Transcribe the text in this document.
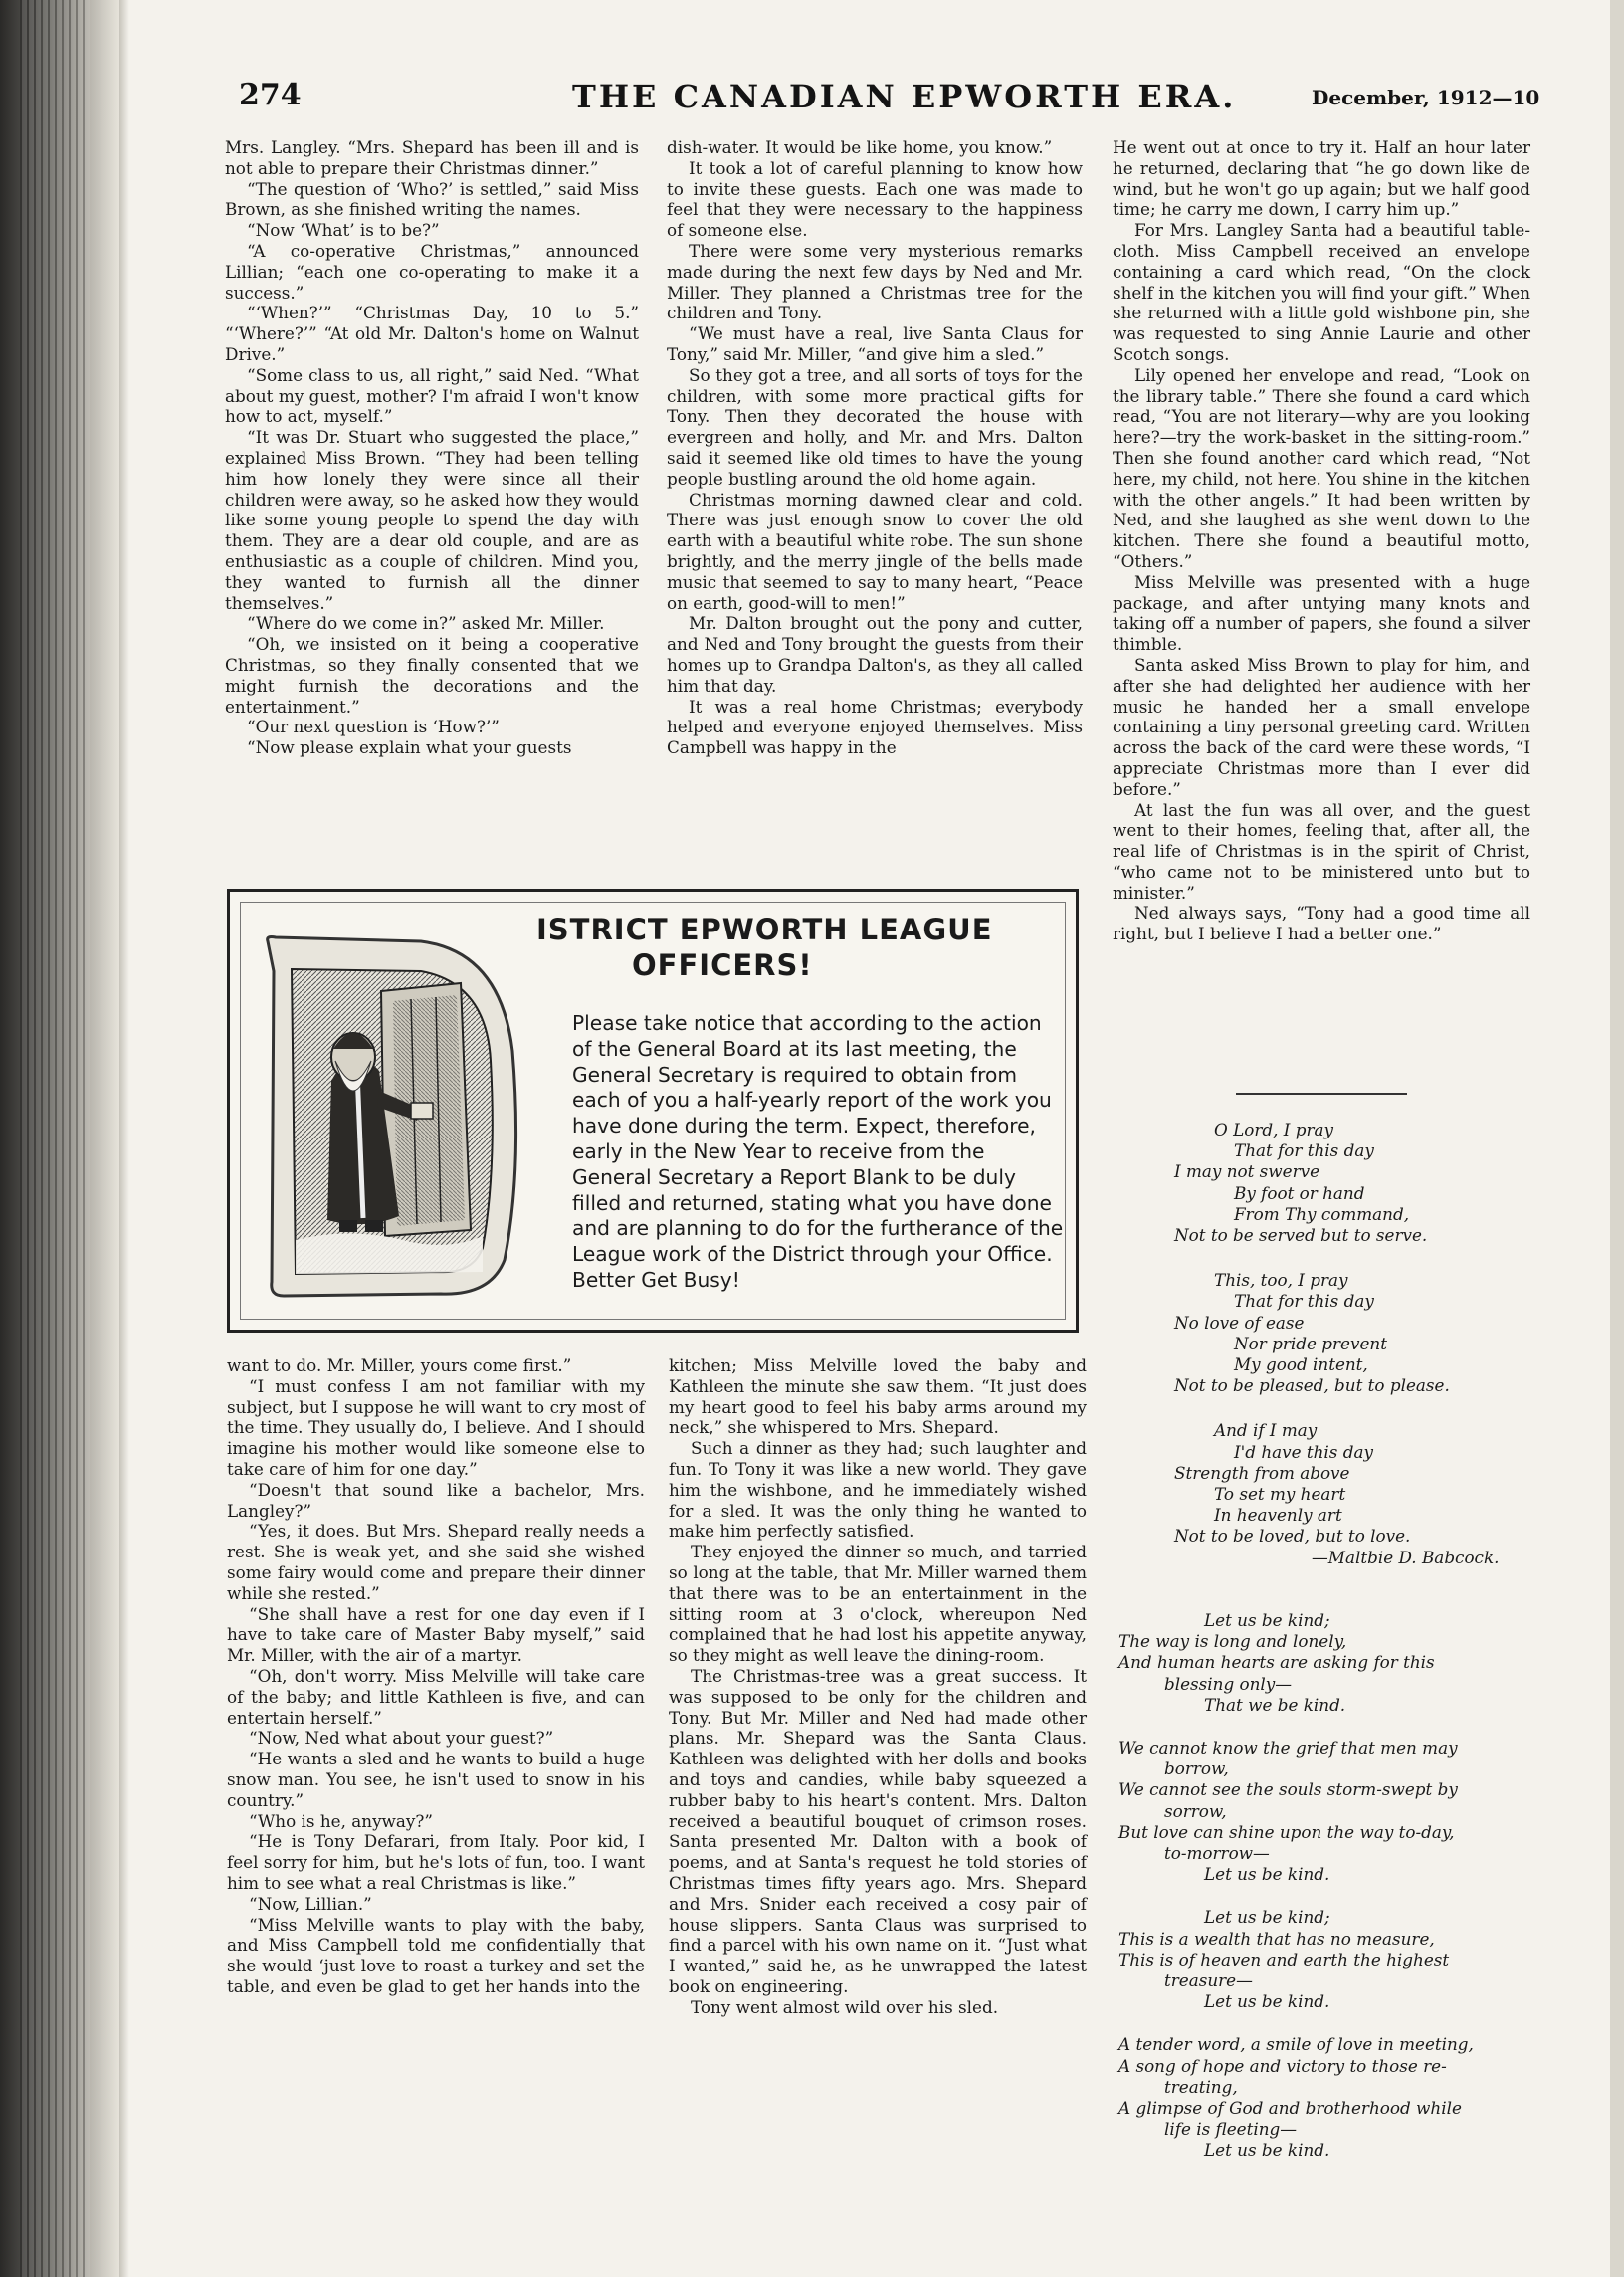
274	THE CANADIAN EPWORTH ERA.	December, 1912—10

Mrs. Langley. “Mrs. Shepard has been ill and is not able to prepare their Christmas dinner.”

“The question of ‘Who?’ is settled,” said Miss Brown, as she finished writing the names.

“Now ‘What’ is to be?”

“A co-operative Christmas,” announced Lillian; “each one co-operating to make it a success.”

“‘When?’” “Christmas Day, 10 to 5.” “‘Where?’” “At old Mr. Dalton's home on Walnut Drive.”

“Some class to us, all right,” said Ned. “What about my guest, mother? I'm afraid I won't know how to act, myself.”

“It was Dr. Stuart who suggested the place,” explained Miss Brown. “They had been telling him how lonely they were since all their children were away, so he asked how they would like some young people to spend the day with them. They are a dear old couple, and are as enthusiastic as a couple of children. Mind you, they wanted to furnish all the dinner themselves.”

“Where do we come in?” asked Mr. Miller.

“Oh, we insisted on it being a cooperative Christmas, so they finally consented that we might furnish the decorations and the entertainment.”

“Our next question is ‘How?’”

“Now please explain what your guests

dish-water. It would be like home, you know.”

It took a lot of careful planning to know how to invite these guests. Each one was made to feel that they were necessary to the happiness of someone else.

There were some very mysterious remarks made during the next few days by Ned and Mr. Miller. They planned a Christmas tree for the children and Tony.

“We must have a real, live Santa Claus for Tony,” said Mr. Miller, “and give him a sled.”

So they got a tree, and all sorts of toys for the children, with some more practical gifts for Tony. Then they decorated the house with evergreen and holly, and Mr. and Mrs. Dalton said it seemed like old times to have the young people bustling around the old home again.

Christmas morning dawned clear and cold. There was just enough snow to cover the old earth with a beautiful white robe. The sun shone brightly, and the merry jingle of the bells made music that seemed to say to many heart, “Peace on earth, good-will to men!”

Mr. Dalton brought out the pony and cutter, and Ned and Tony brought the guests from their homes up to Grandpa Dalton's, as they all called him that day.

It was a real home Christmas; everybody helped and everyone enjoyed themselves. Miss Campbell was happy in the

He went out at once to try it. Half an hour later he returned, declaring that “he go down like de wind, but he won't go up again; but we half good time; he carry me down, I carry him up.”

For Mrs. Langley Santa had a beautiful table-cloth. Miss Campbell received an envelope containing a card which read, “On the clock shelf in the kitchen you will find your gift.” When she returned with a little gold wishbone pin, she was requested to sing Annie Laurie and other Scotch songs.

Lily opened her envelope and read, “Look on the library table.” There she found a card which read, “You are not literary—why are you looking here?—try the work-basket in the sitting-room.” Then she found another card which read, “Not here, my child, not here. You shine in the kitchen with the other angels.” It had been written by Ned, and she laughed as she went down to the kitchen. There she found a beautiful motto, “Others.”

Miss Melville was presented with a huge package, and after untying many knots and taking off a number of papers, she found a silver thimble.

Santa asked Miss Brown to play for him, and after she had delighted her audience with her music he handed her a small envelope containing a tiny personal greeting card. Written across the back of the card were these words, “I appreciate Christmas more than I ever did before.”

At last the fun was all over, and the guest went to their homes, feeling that, after all, the real life of Christmas is in the spirit of Christ, “who came not to be ministered unto but to minister.”

Ned always says, “Tony had a good time all right, but I believe I had a better one.”

ISTRICT EPWORTH LEAGUE
OFFICERS!
Please take notice that according to the action of the General Board at its last meeting, the General Secretary is required to obtain from each of you a half-yearly report of the work you have done during the term. Expect, therefore, early in the New Year to receive from the General Secretary a Report Blank to be duly filled and returned, stating what you have done and are planning to do for the furtherance of the League work of the District through your Office. Better Get Busy!

want to do. Mr. Miller, yours come first.”

“I must confess I am not familiar with my subject, but I suppose he will want to cry most of the time. They usually do, I believe. And I should imagine his mother would like someone else to take care of him for one day.”

“Doesn't that sound like a bachelor, Mrs. Langley?”

“Yes, it does. But Mrs. Shepard really needs a rest. She is weak yet, and she said she wished some fairy would come and prepare their dinner while she rested.”

“She shall have a rest for one day even if I have to take care of Master Baby myself,” said Mr. Miller, with the air of a martyr.

“Oh, don't worry. Miss Melville will take care of the baby; and little Kathleen is five, and can entertain herself.”

“Now, Ned what about your guest?”

“He wants a sled and he wants to build a huge snow man. You see, he isn't used to snow in his country.”

“Who is he, anyway?”

“He is Tony Defarari, from Italy. Poor kid, I feel sorry for him, but he's lots of fun, too. I want him to see what a real Christmas is like.”

“Now, Lillian.”

“Miss Melville wants to play with the baby, and Miss Campbell told me confidentially that she would ‘just love to roast a turkey and set the table, and even be glad to get her hands into the

kitchen; Miss Melville loved the baby and Kathleen the minute she saw them. “It just does my heart good to feel his baby arms around my neck,” she whispered to Mrs. Shepard.

Such a dinner as they had; such laughter and fun. To Tony it was like a new world. They gave him the wishbone, and he immediately wished for a sled. It was the only thing he wanted to make him perfectly satisfied.

They enjoyed the dinner so much, and tarried so long at the table, that Mr. Miller warned them that there was to be an entertainment in the sitting room at 3 o'clock, whereupon Ned complained that he had lost his appetite anyway, so they might as well leave the dining-room.

The Christmas-tree was a great success. It was supposed to be only for the children and Tony. But Mr. Miller and Ned had made other plans. Mr. Shepard was the Santa Claus. Kathleen was delighted with her dolls and books and toys and candies, while baby squeezed a rubber baby to his heart's content. Mrs. Dalton received a beautiful bouquet of crimson roses. Santa presented Mr. Dalton with a book of poems, and at Santa's request he told stories of Christmas times fifty years ago. Mrs. Shepard and Mrs. Snider each received a cosy pair of house slippers. Santa Claus was surprised to find a parcel with his own name on it. “Just what I wanted,” said he, as he unwrapped the latest book on engineering.

Tony went almost wild over his sled.

O Lord, I pray
That for this day
I may not swerve
By foot or hand
From Thy command,
Not to be served but to serve.
This, too, I pray
That for this day
No love of ease
Nor pride prevent
My good intent,
Not to be pleased, but to please.
And if I may
I'd have this day
Strength from above
To set my heart
In heavenly art
Not to be loved, but to love.
—Maltbie D. Babcock.
Let us be kind;
The way is long and lonely,
And human hearts are asking for this
blessing only—
That we be kind.
We cannot know the grief that men may
borrow,
We cannot see the souls storm-swept by
sorrow,
But love can shine upon the way to-day,
to-morrow—
Let us be kind.
Let us be kind;
This is a wealth that has no measure,
This is of heaven and earth the highest
treasure—
Let us be kind.
A tender word, a smile of love in meeting,
A song of hope and victory to those re-
treating,
A glimpse of God and brotherhood while
life is fleeting—
Let us be kind.
